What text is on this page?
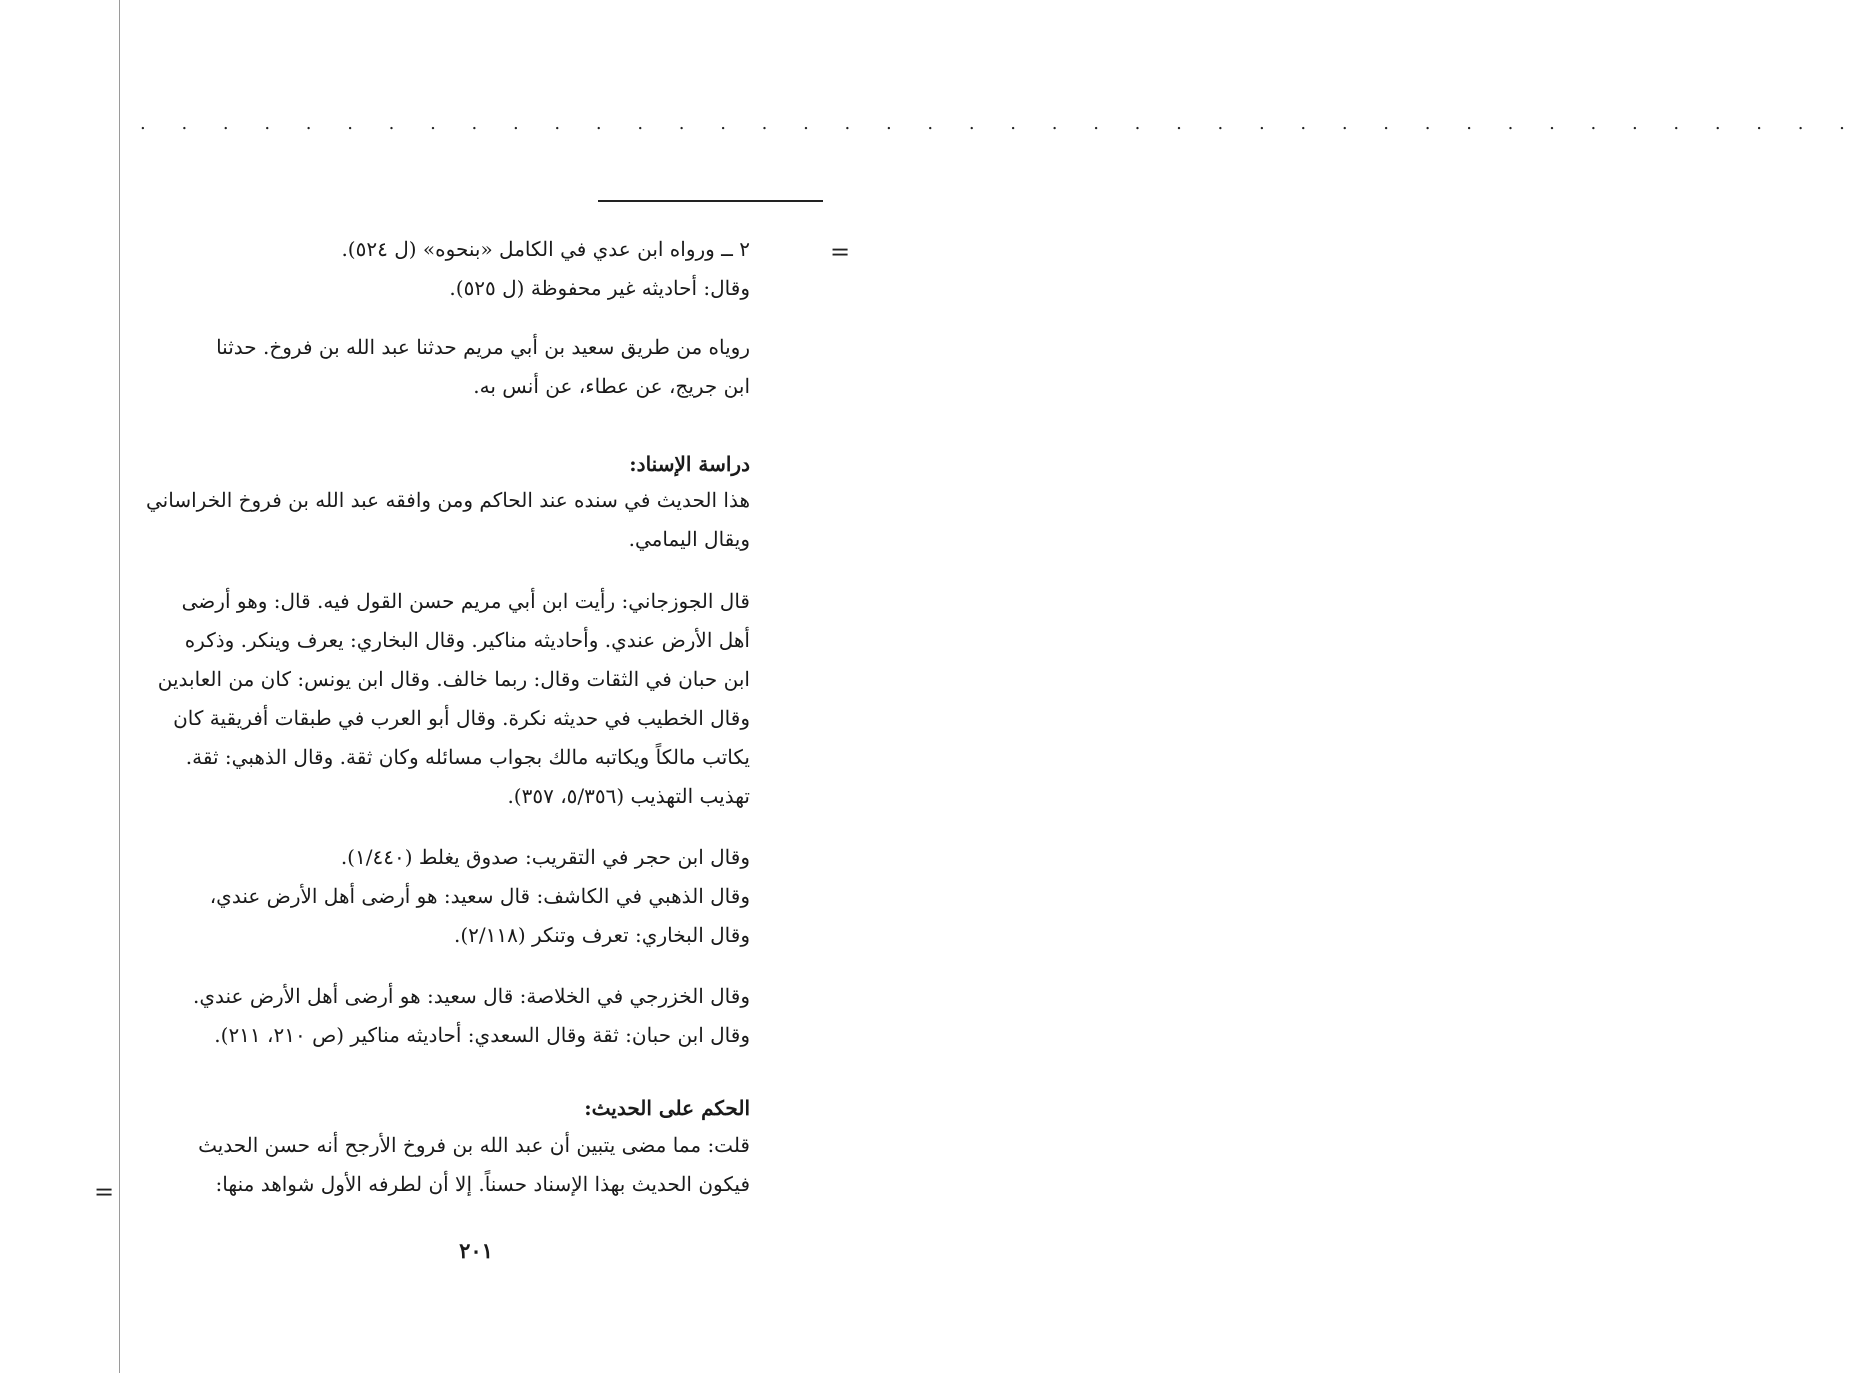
. . . . . . . . . . . . . . . . . . . . . . . . . . . . . . . . . . . . . . . . . .
=
=

٢ ــ ورواه ابن عدي في الكامل «بنحوه» (ل ٥٢٤).
وقال: أحاديثه غير محفوظة (ل ٥٢٥).

روياه من طريق سعيد بن أبي مريم حدثنا عبد الله بن فروخ. حدثنا
ابن جريج، عن عطاء، عن أنس به.

دراسة الإسناد:

هذا الحديث في سنده عند الحاكم ومن وافقه عبد الله بن فروخ الخراساني
ويقال اليمامي.

قال الجوزجاني: رأيت ابن أبي مريم حسن القول فيه. قال: وهو أرضى
أهل الأرض عندي. وأحاديثه مناكير. وقال البخاري: يعرف وينكر. وذكره
ابن حبان في الثقات وقال: ربما خالف. وقال ابن يونس: كان من العابدين
وقال الخطيب في حديثه نكرة. وقال أبو العرب في طبقات أفريقية كان
يكاتب مالكاً ويكاتبه مالك بجواب مسائله وكان ثقة. وقال الذهبي: ثقة.
تهذيب التهذيب (٥/٣٥٦، ٣٥٧).

وقال ابن حجر في التقريب: صدوق يغلط (١/٤٤٠).
وقال الذهبي في الكاشف: قال سعيد: هو أرضى أهل الأرض عندي،
وقال البخاري: تعرف وتنكر (٢/١١٨).

وقال الخزرجي في الخلاصة: قال سعيد: هو أرضى أهل الأرض عندي.
وقال ابن حبان: ثقة وقال السعدي: أحاديثه مناكير (ص ٢١٠، ٢١١).

الحكم على الحديث:

قلت: مما مضى يتبين أن عبد الله بن فروخ الأرجح أنه حسن الحديث
فيكون الحديث بهذا الإسناد حسناً. إلا أن لطرفه الأول شواهد منها:

٢٠١
